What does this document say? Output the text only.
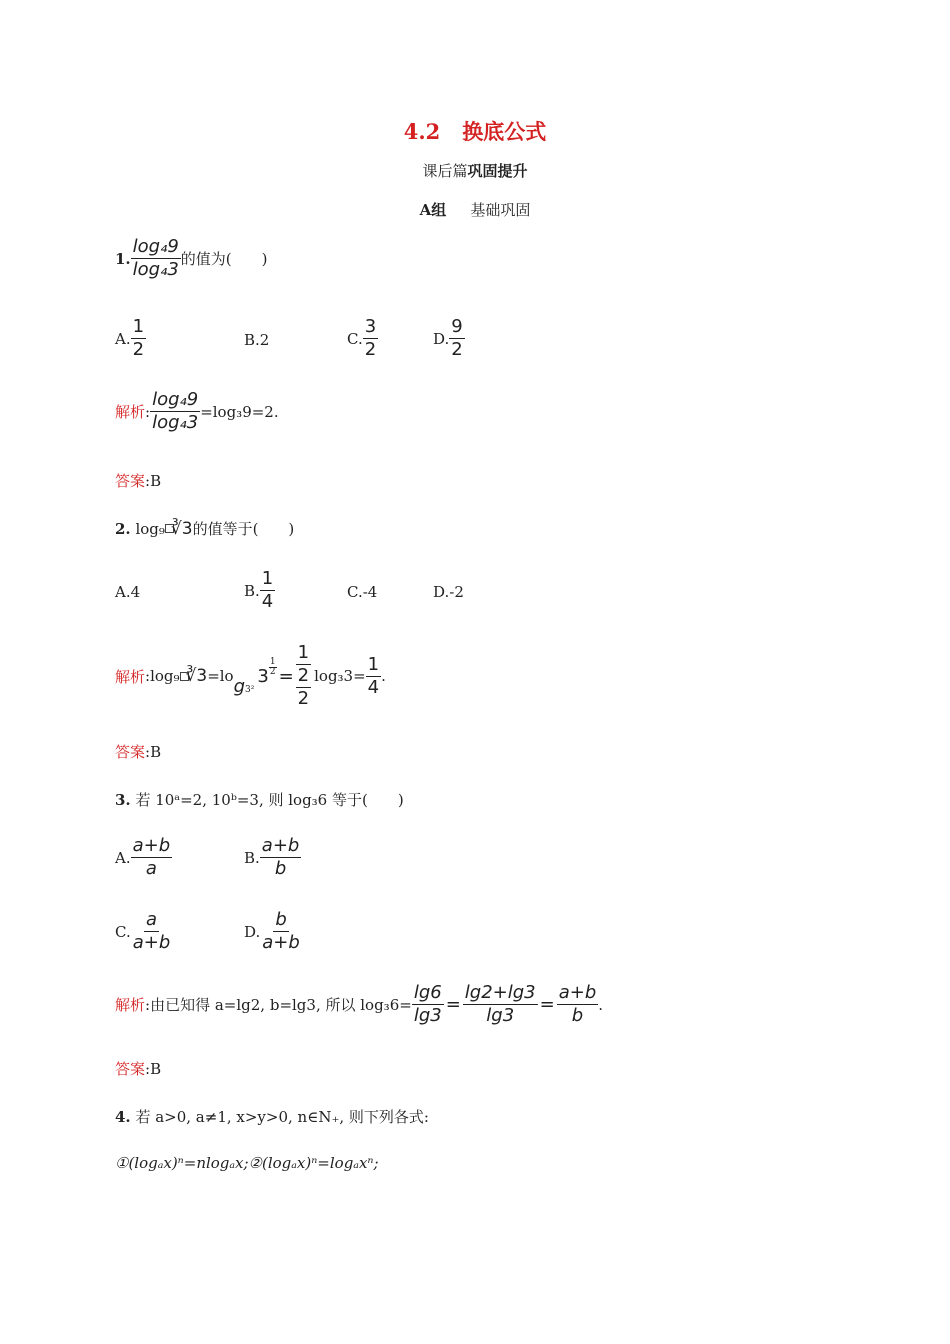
4.2 换底公式
课后篇巩固提升
A组 基础巩固
1. $\frac{\text{log₄9}}{\text{log₄3}}$ 的值为(　　)
A. $\frac{1}{2}$	B. 2	C. $\frac{3}{2}$	D. $\frac{9}{2}$
解析 : $\frac{\text{log₄9}}{\text{log₄3}} =\log_39=2$.
答案:B
2.
log₉ ∛3 的值等于(　　)
A. 4	B. $\frac{1}{4}$	C. -4	D. -2
解析 : log₉ ∛3 =lo g 3²
$3 \frac{1}{2} = \frac{\frac{1}{2}}{2} \log_33= \frac{1}{4}$ .
答案:B
3. 若 10ᵃ=2, 10ᵇ=3, 则 log₃6 等于(　　)
A. $\frac{a+b}{a}$	B. $\frac{a+b}{b}$
C. $\frac{a}{a+b}$	D. $\frac{b}{a+b}$
解析 : 由已知得 a=lg2, b=lg3, 所以 $\log_36= \frac{\lg 6}{\lg 3} = \frac{\lg 2+\lg 3}{\lg 3} = \frac{a+b}{b}$ .
答案:B
4. 若 a>0, a≠1, x>y>0, n∈N₊, 则下列各式:
①(logₐx)ⁿ=nlogₐx;②(logₐx)ⁿ=logₐxⁿ;
